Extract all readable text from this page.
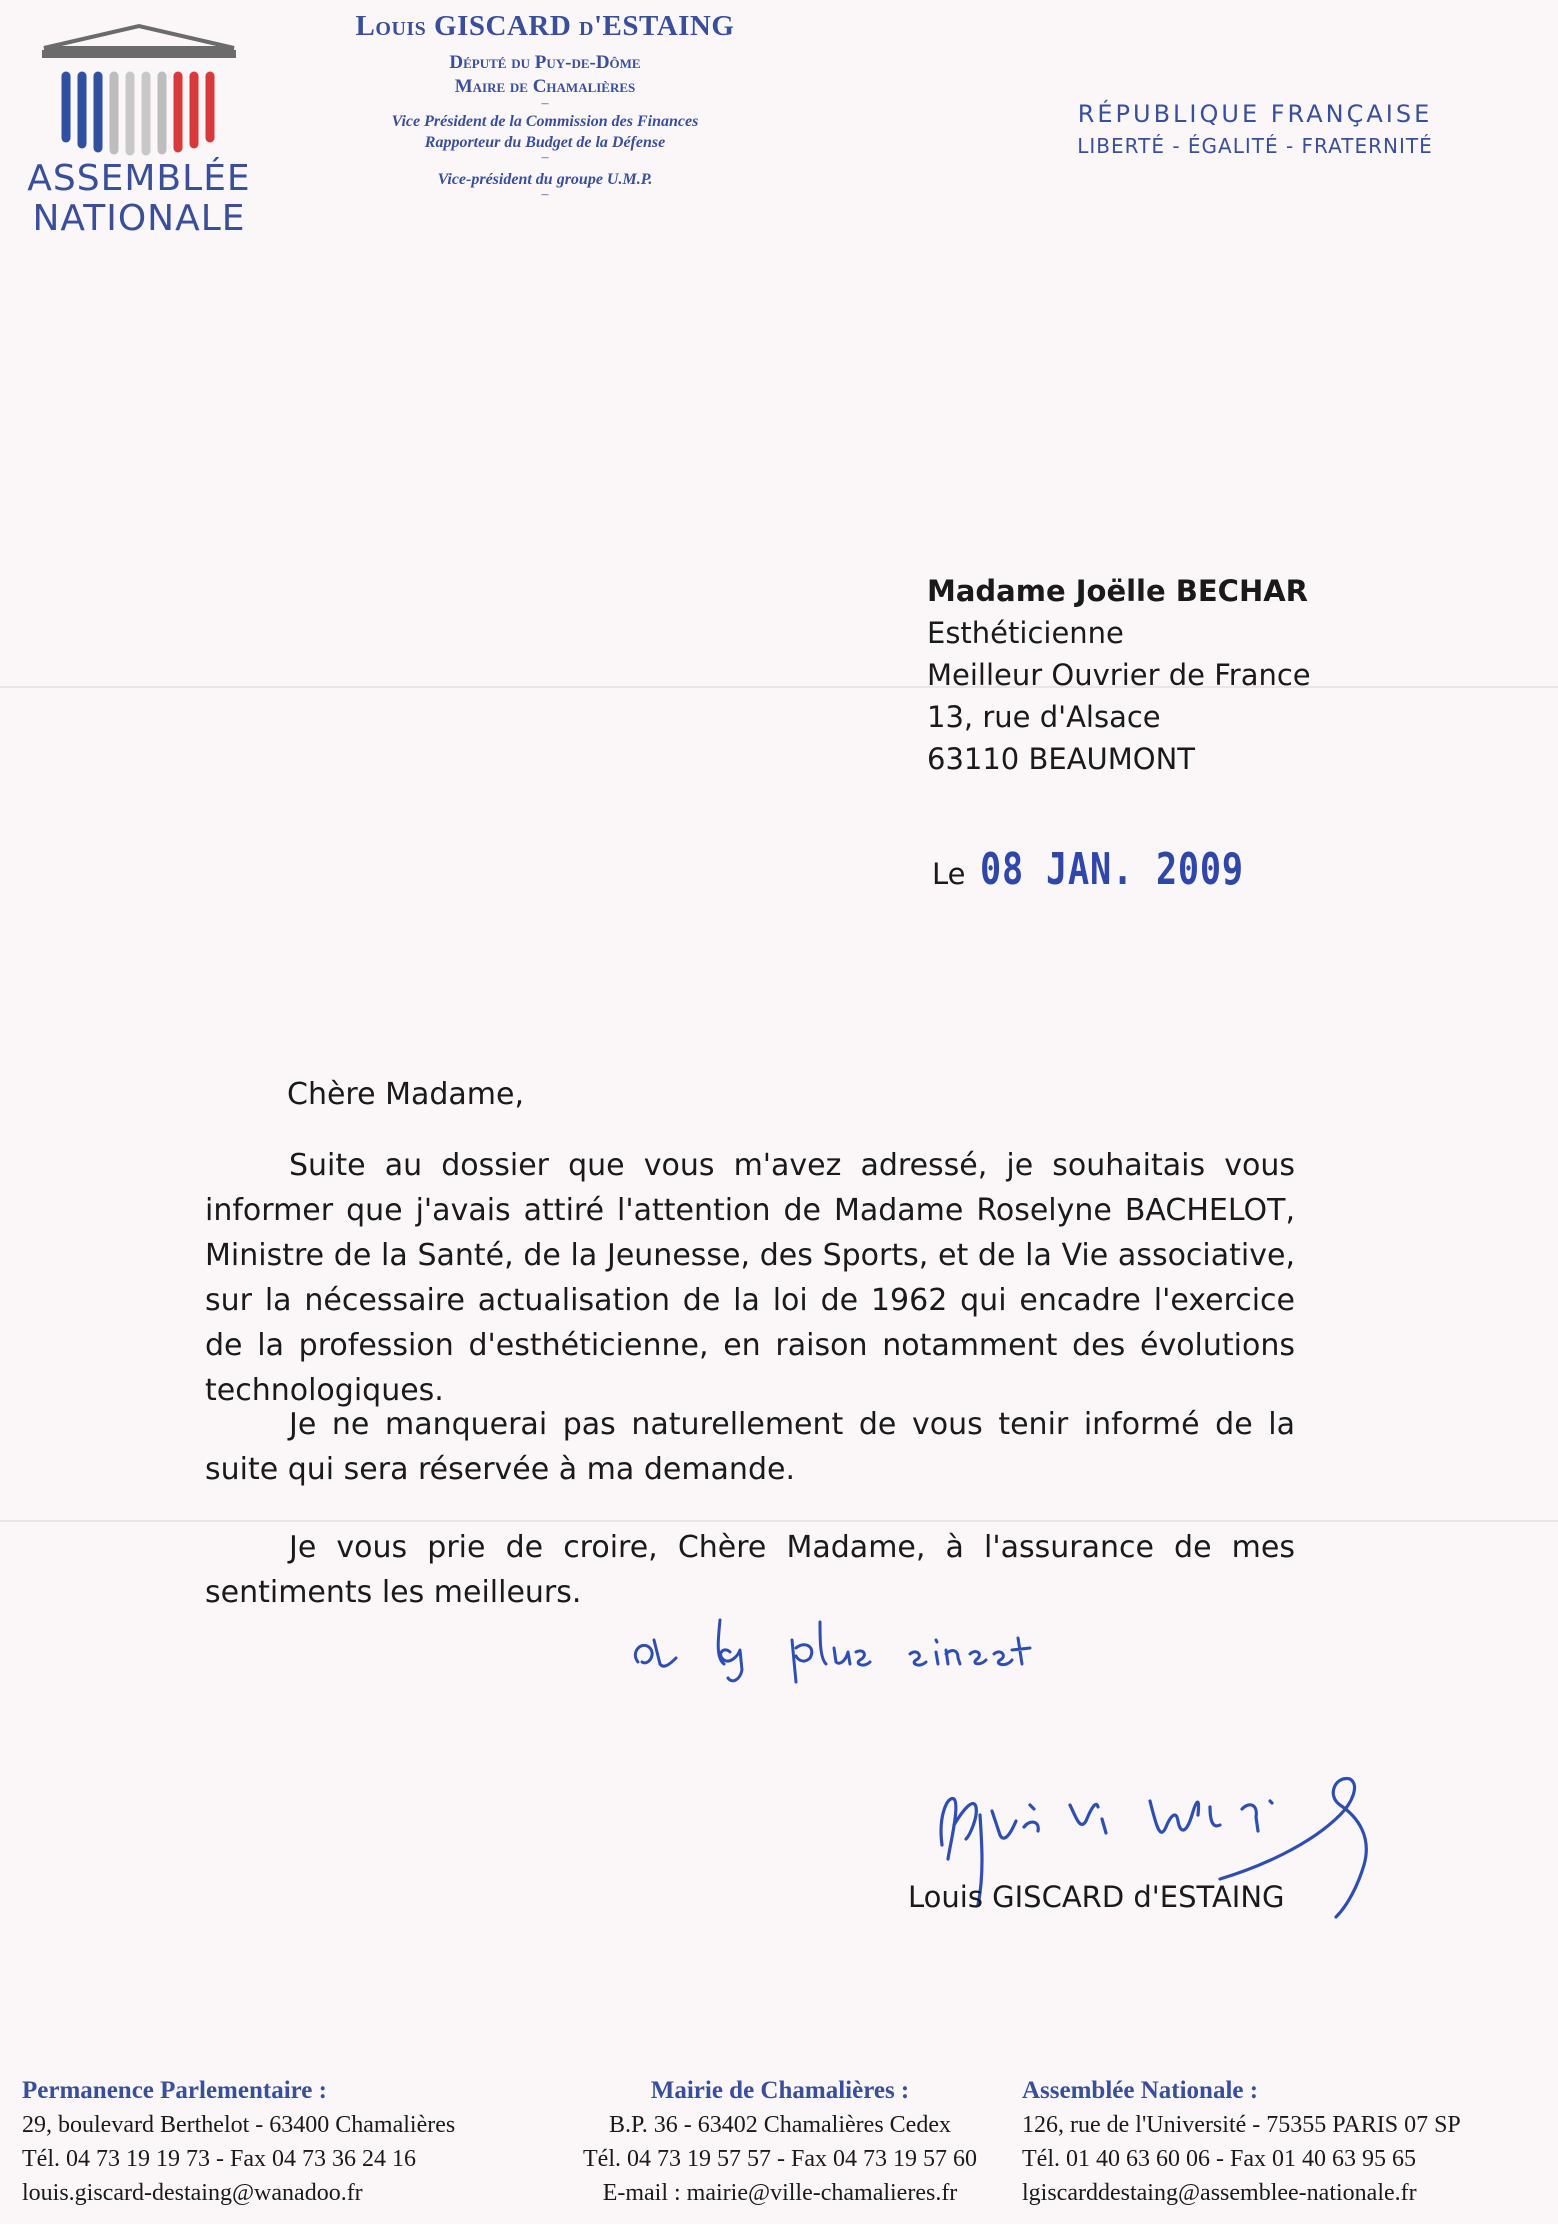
ASSEMBLÉE
NATIONALE
Louis GISCARD d'ESTAING
Député du Puy-de-Dôme
Maire de Chamalières
–
Vice Président de la Commission des Finances
Rapporteur du Budget de la Défense
–
Vice-président du groupe U.M.P.
–
RÉPUBLIQUE FRANÇAISE
LIBERTÉ - ÉGALITÉ - FRATERNITÉ
Madame Joëlle BECHAR
Esthéticienne
Meilleur Ouvrier de France
13, rue d'Alsace
63110 BEAUMONT
Le 08 JAN. 2009
Chère Madame,
Suite au dossier que vous m'avez adressé, je souhaitais vous informer que j'avais attiré l'attention de Madame Roselyne BACHELOT, Ministre de la Santé, de la Jeunesse, des Sports, et de la Vie associative, sur la nécessaire actualisation de la loi de 1962 qui encadre l'exercice de la profession d'esthéticienne, en raison notamment des évolutions technologiques.
Je ne manquerai pas naturellement de vous tenir informé de la suite qui sera réservée à ma demande.
Je vous prie de croire, Chère Madame, à l'assurance de mes sentiments les meilleurs.
Louis GISCARD d'ESTAING
Permanence Parlementaire :
29, boulevard Berthelot - 63400 Chamalières
Tél. 04 73 19 19 73 - Fax 04 73 36 24 16
louis.giscard-destaing@wanadoo.fr
Mairie de Chamalières :
B.P. 36 - 63402 Chamalières Cedex
Tél. 04 73 19 57 57 - Fax 04 73 19 57 60
E-mail : mairie@ville-chamalieres.fr
Assemblée Nationale :
126, rue de l'Université - 75355 PARIS 07 SP
Tél. 01 40 63 60 06 - Fax 01 40 63 95 65
lgiscarddestaing@assemblee-nationale.fr
